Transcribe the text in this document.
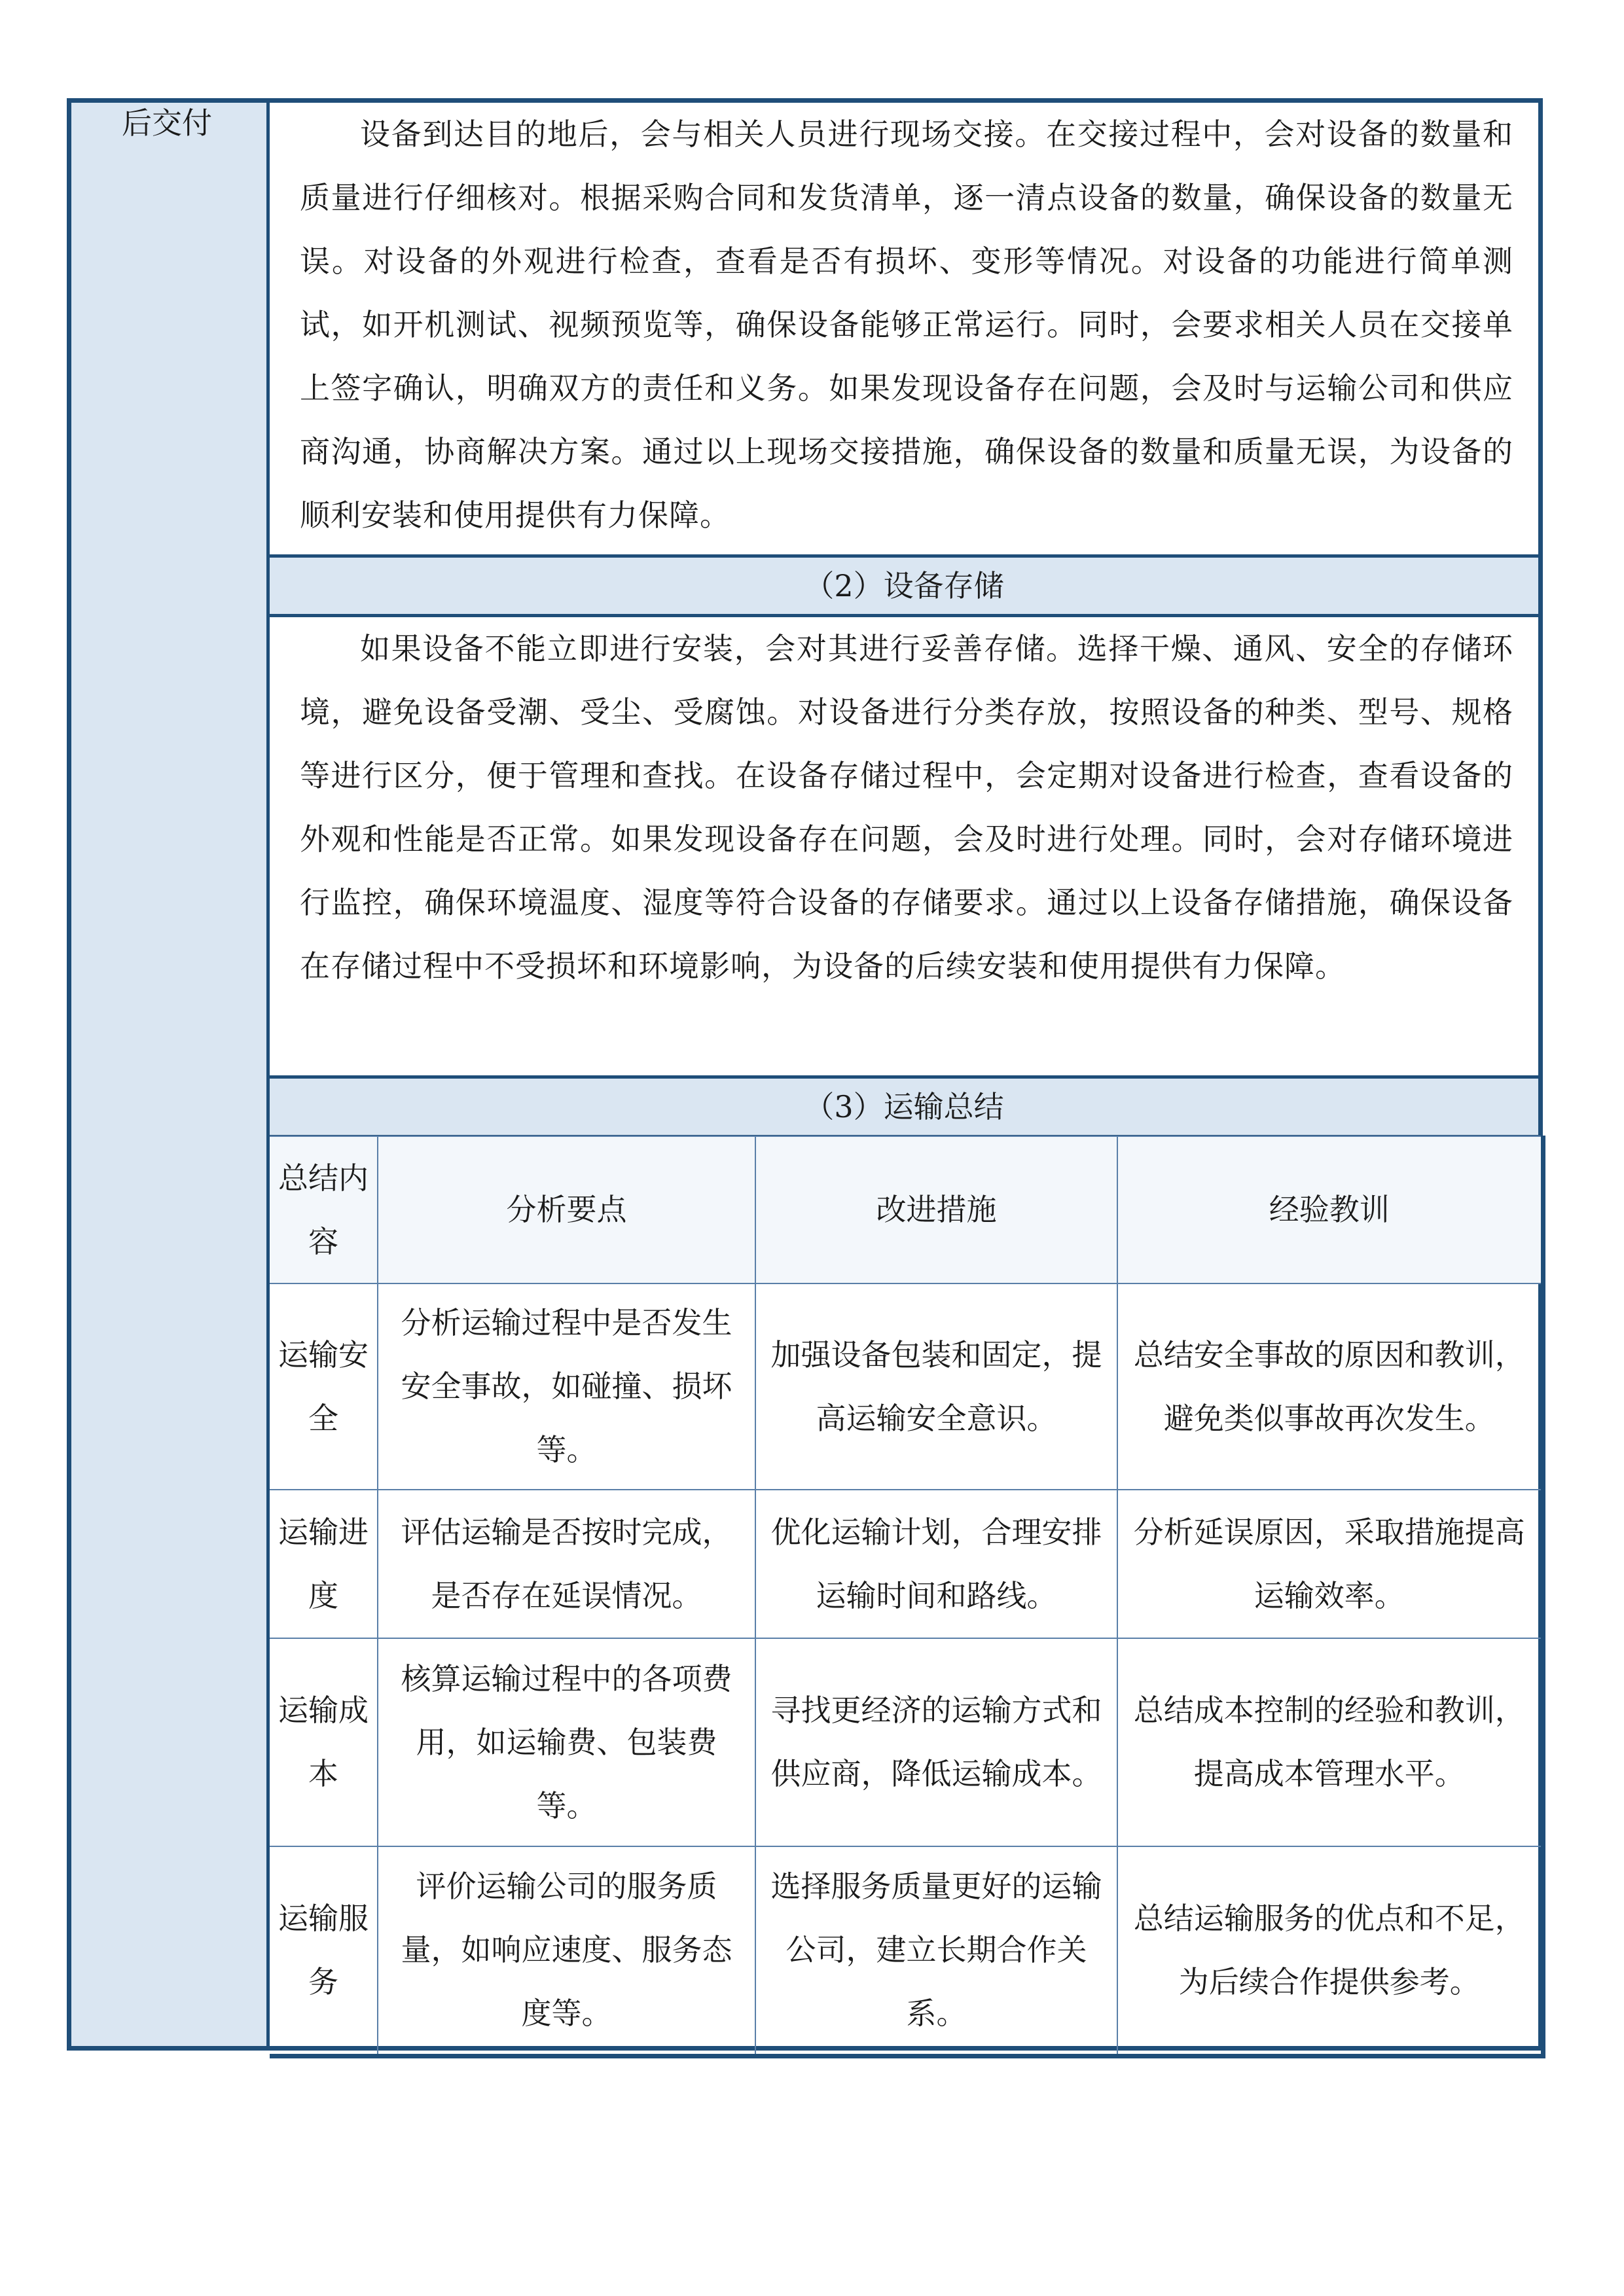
后交付	设备到达目的地后，会与相关人员进行现场交接。在交接过程中，会对设备的数量和质量进行仔细核对。根据采购合同和发货清单，逐一清点设备的数量，确保设备的数量无误。对设备的外观进行检查，查看是否有损坏、变形等情况。对设备的功能进行简单测试，如开机测试、视频预览等，确保设备能够正常运行。同时，会要求相关人员在交接单上签字确认，明确双方的责任和义务。如果发现设备存在问题，会及时与运输公司和供应商沟通，协商解决方案。通过以上现场交接措施，确保设备的数量和质量无误，为设备的顺利安装和使用提供有力保障。
（2）设备存储
如果设备不能立即进行安装，会对其进行妥善存储。选择干燥、通风、安全的存储环境，避免设备受潮、受尘、受腐蚀。对设备进行分类存放，按照设备的种类、型号、规格等进行区分，便于管理和查找。在设备存储过程中，会定期对设备进行检查，查看设备的外观和性能是否正常。如果发现设备存在问题，会及时进行处理。同时，会对存储环境进行监控，确保环境温度、湿度等符合设备的存储要求。通过以上设备存储措施，确保设备在存储过程中不受损坏和环境影响，为设备的后续安装和使用提供有力保障。
（3）运输总结
总结内容	分析要点	改进措施	经验教训
运输安全	分析运输过程中是否发生安全事故，如碰撞、损坏等。	加强设备包装和固定，提高运输安全意识。	总结安全事故的原因和教训，避免类似事故再次发生。
运输进度	评估运输是否按时完成，是否存在延误情况。	优化运输计划，合理安排运输时间和路线。	分析延误原因，采取措施提高运输效率。
运输成本	核算运输过程中的各项费用，如运输费、包装费等。	寻找更经济的运输方式和供应商，降低运输成本。	总结成本控制的经验和教训，提高成本管理水平。
运输服务	评价运输公司的服务质量，如响应速度、服务态度等。	选择服务质量更好的运输公司，建立长期合作关系。	总结运输服务的优点和不足，为后续合作提供参考。
